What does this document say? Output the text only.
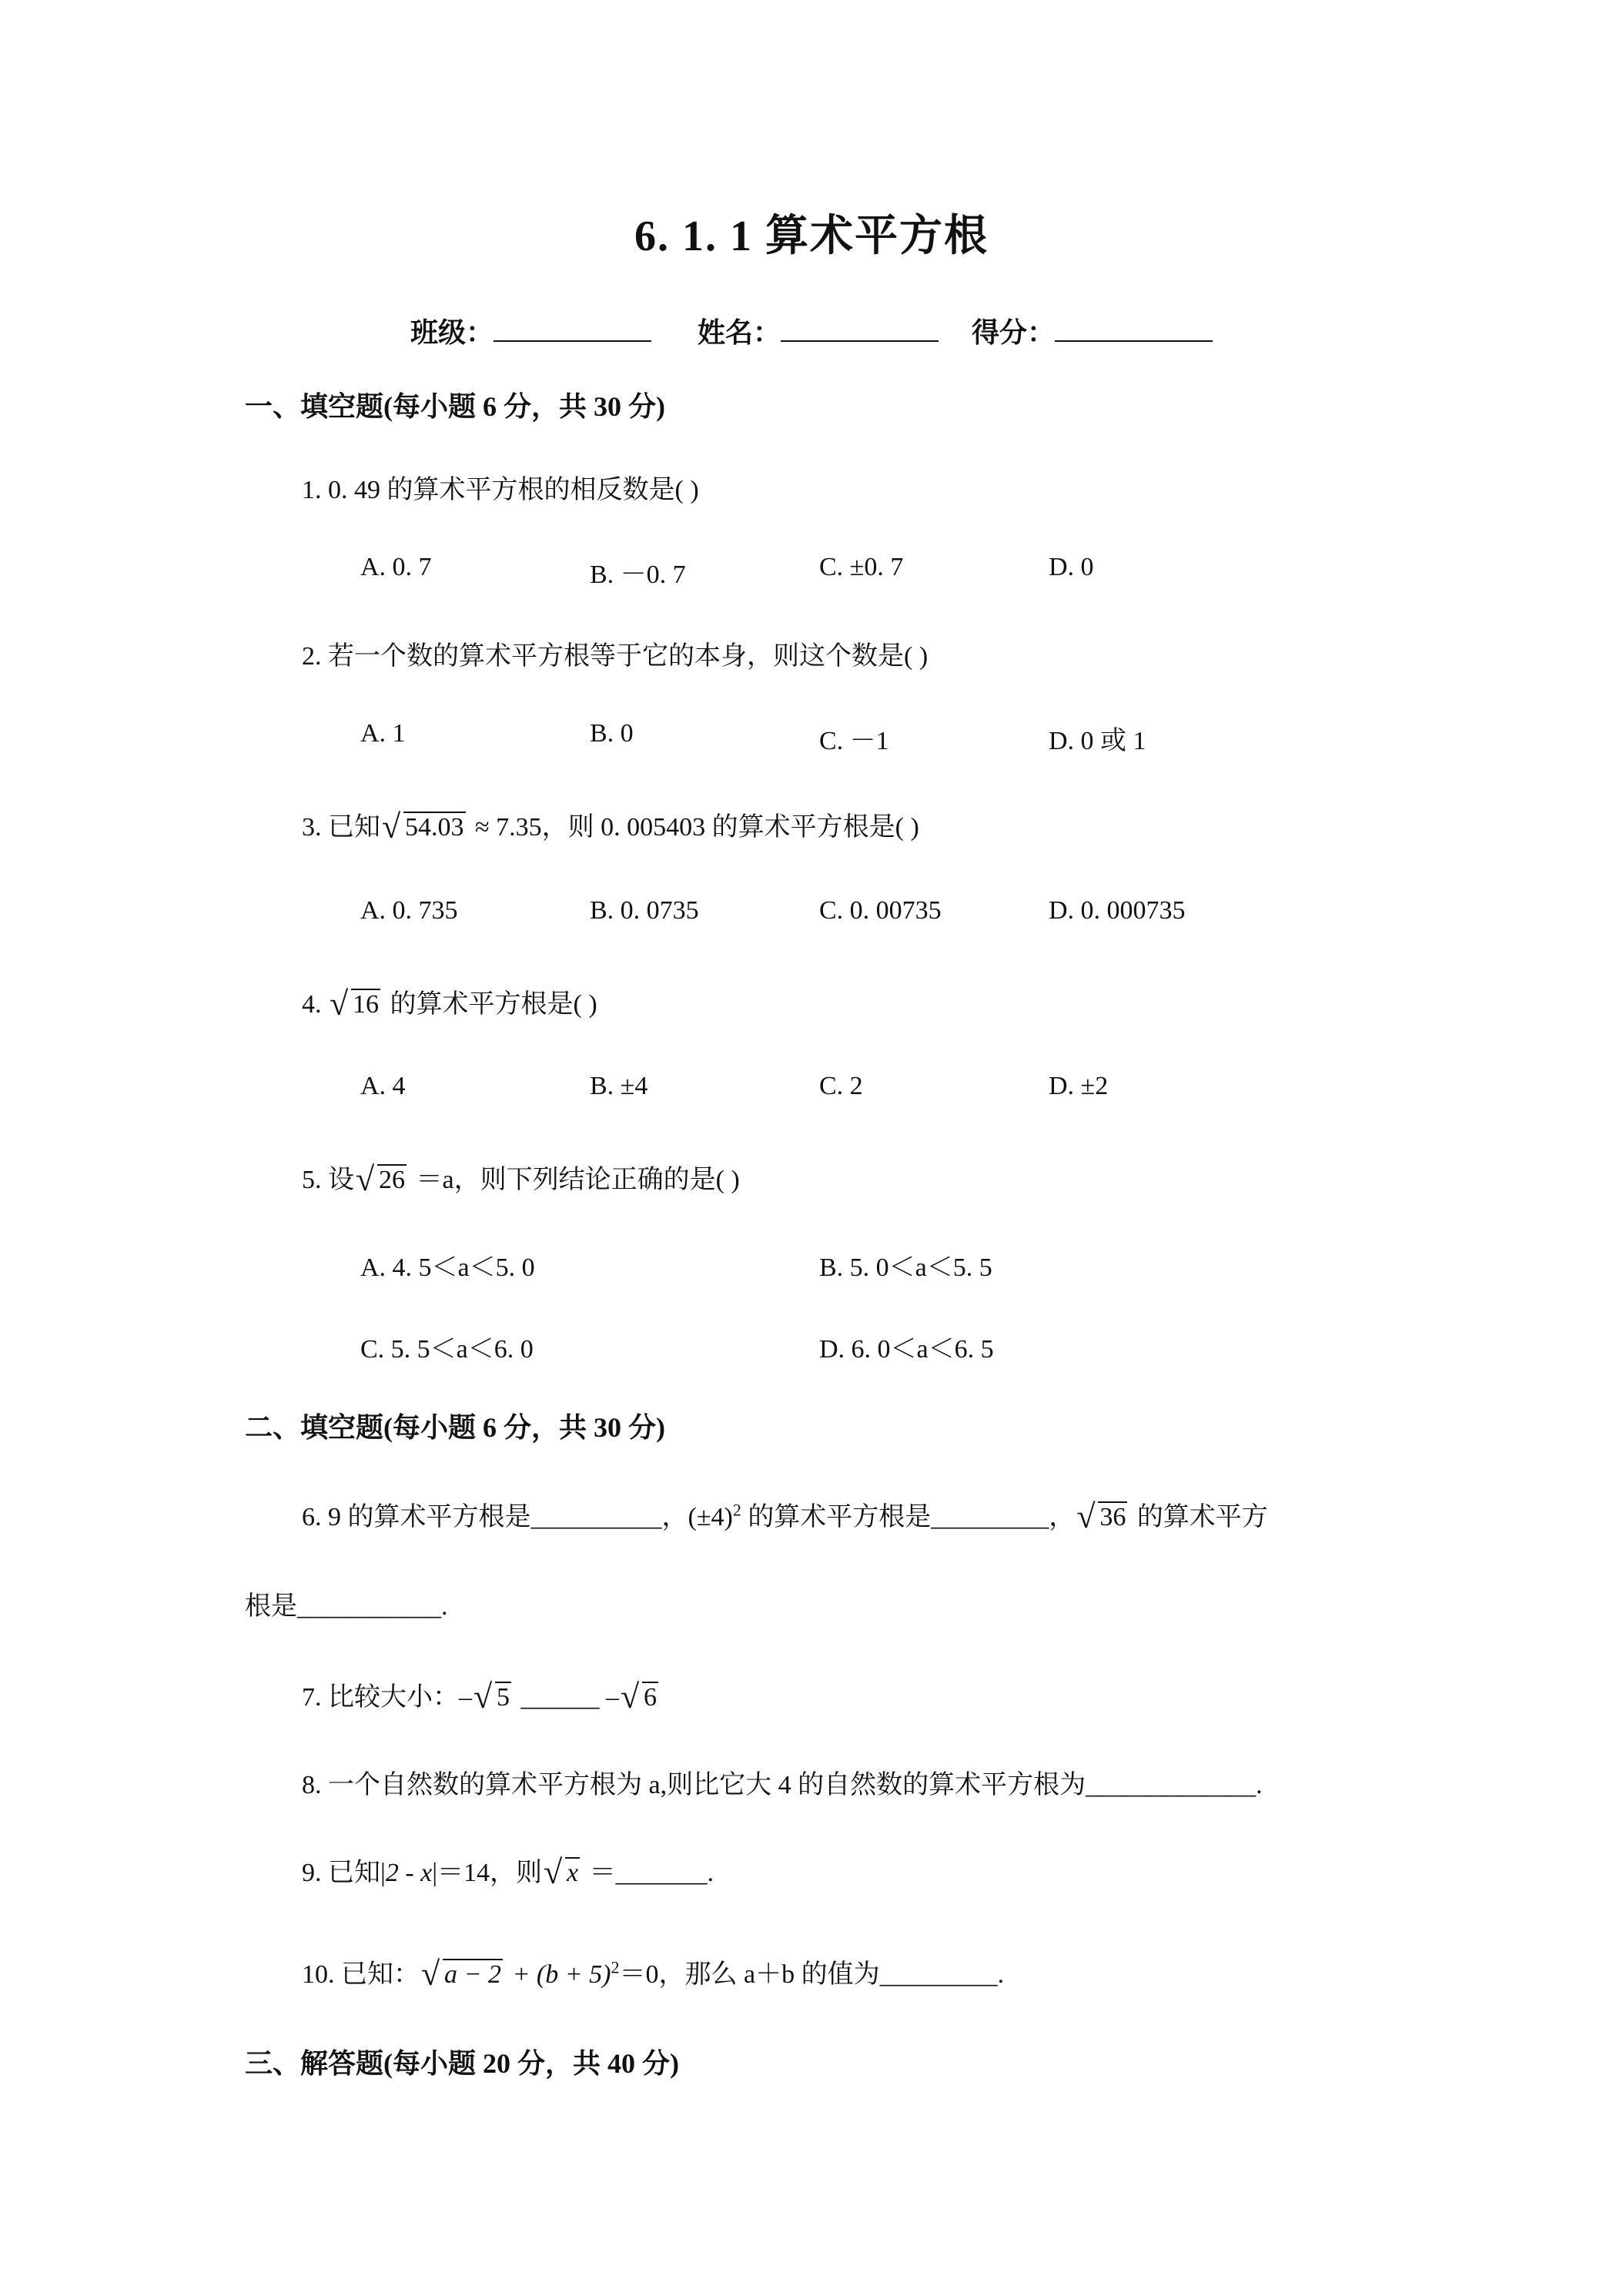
6. 1. 1 算术平方根
班级：	姓名：	得分：
一、填空题(每小题 6 分，共 30 分)
1. 0. 49 的算术平方根的相反数是( )
A. 0. 7	B. －0. 7	C. ±0. 7	D. 0
2. 若一个数的算术平方根等于它的本身，则这个数是( )
A. 1	B. 0	C. －1	D. 0 或 1
3. 已知 √ 54.03 ≈ 7.35，则 0. 005403 的算术平方根是( )
A. 0. 735	B. 0. 0735	C. 0. 00735	D. 0. 000735
4. √ 16 的算术平方根是( )
A. 4	B. ±4	C. 2	D. ±2
5. 设 √ 26 ＝a，则下列结论正确的是( )
A. 4. 5＜a＜5. 0	B. 5. 0＜a＜5. 5
C. 5. 5＜a＜6. 0	D. 6. 0＜a＜6. 5
二、填空题(每小题 6 分，共 30 分)
6. 9 的算术平方根是__________，$(\pm 4)^2$ 的算术平方根是_________， √ 36 的算术平方
根是___________.
7. 比较大小：– √ 5 ______ – √ 6
8. 一个自然数的算术平方根为 a,则比它大 4 的自然数的算术平方根为_____________.
9. 已知|2 - x|＝14，则 √ x ＝_______.
10. 已知： √ $a - 2 + (b + 5)^2=0$，那么 a＋b 的值为_________.
三、解答题(每小题 20 分，共 40 分)
